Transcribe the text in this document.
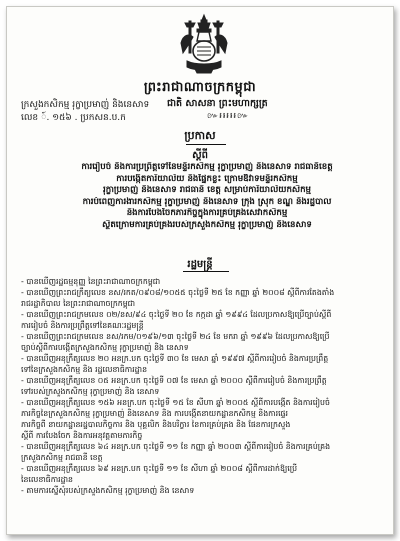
ព្រះរាជាណាចក្រកម្ពុជា
ក្រសួងកសិកម្ម រុក្ខាប្រមាញ់ និងនេសាទ ជាតិ សាសនា ព្រះមហាក្សត្រ
លេខ ៍. ១៥៦ . ប្រកសន.ប.ក	៚៛៛៛៛៛៚
ប្រកាស
ស្តីពី
ការរៀបចំ និងការប្រព្រឹត្តទៅនៃមន្ទីរកសិកម្ម រុក្ខាប្រមាញ់ និងនេសាទ រាជធានីខេត្ត
ការបង្កើតការិយាល័យ និងផ្នែកខ្លះ ក្រោមឱវាទមន្ទីរកសិកម្ម
រុក្ខាប្រមាញ់ និងនេសាទ រាជធានី ខេត្ត សម្រាប់ការិយាល័យកសិកម្ម
ការបំពេញការងារកសិកម្ម រុក្ខាប្រមាញ់ និងនេសាទ ក្រុង ស្រុក ខណ្ឌ និងរដ្ឋបាល
និងការបែងចែកភារកិច្ចក្នុងការគ្រប់គ្រងសេវាកសិកម្ម
ស្ថិតក្រោមការគ្រប់គ្រងរបស់ក្រសួងកសិកម្ម រុក្ខាប្រមាញ់ និងនេសាទ
រដ្ឋមន្ត្រី
- បានឃើញរដ្ឋធម្មនុញ្ញ នៃព្រះរាជាណាចក្រកម្ពុជា
- បានឃើញព្រះរាជក្រឹត្យលេខ នស/រកត/០៩០៨/១០៥៥ ចុះថ្ងៃទី ២៥ ខែ កញ្ញា ឆ្នាំ ២០០៨ ស្តីពីការតែងតាំង
រាជរដ្ឋាភិបាល នៃព្រះរាជាណាចក្រកម្ពុជា
- បានឃើញព្រះរាជក្រមលេខ ០២/នស/៩៤ ចុះថ្ងៃទី ២០ ខែ កក្កដា ឆ្នាំ ១៩៩៤ ដែលប្រកាសឱ្យប្រើច្បាប់ស្តីពី
ការរៀបចំ និងការប្រព្រឹត្តទៅនៃគណៈរដ្ឋមន្ត្រី
- បានឃើញព្រះរាជក្រមលេខ នស/រកម/០១៩៦/១៣ ចុះថ្ងៃទី ២៤ ខែ មករា ឆ្នាំ ១៩៩៦ ដែលប្រកាសឱ្យប្រើ
ច្បាប់ស្តីពីការបង្កើតក្រសួងកសិកម្ម រុក្ខាប្រមាញ់ និង នេសាទ
- បានឃើញអនុក្រឹត្យលេខ ២០ អនក្រ.បក ចុះថ្ងៃទី ៣០ ខែ មេសា ឆ្នាំ ១៩៩៧ ស្តីពីការរៀបចំ និងការប្រព្រឹត្ត
ទៅនៃក្រសួងកសិកម្ម និង រដ្ឋលេខាធិការដ្ឋាន
- បានឃើញអនុក្រឹត្យលេខ ០៥ អនក្រ.បក ចុះថ្ងៃទី ០៧ ខែ មេសា ឆ្នាំ ២០០០ ស្តីពីការរៀបចំ និងការប្រព្រឹត្ត
ទៅរបស់ក្រសួងកសិកម្ម រុក្ខាប្រមាញ់ និង នេសាទ
- បានឃើញអនុក្រឹត្យលេខ ១៥៦ អនក្រ.បក ចុះថ្ងៃទី ១៥ ខែ សីហា ឆ្នាំ ២០០៥ ស្តីពីការបង្កើត និងការរៀបចំ
ភារកិច្ចនៃក្រសួងកសិកម្ម រុក្ខាប្រមាញ់ និងនេសាទ និង ការបង្កើតនាយកដ្ឋានកសិកម្ម និងការផ្ទេរ
ភារកិច្ចពី នាយកដ្ឋានរដ្ឋបាលកិច្ចការ និង បុគ្គលិក និងបរិក្ខារ នៃការគ្រប់គ្រង និង ផែនការក្រសួង
ស្តីពី ការបែងចែក និងការអនុវត្តតាមភារកិច្ច
- បានឃើញអនុក្រឹត្យលេខ ៦៤ អនក្រ.បក ចុះថ្ងៃទី ១១ ខែ កញ្ញា ឆ្នាំ ២០០៣ ស្តីពីការរៀបចំ និងការគ្រប់គ្រង
ក្រសួងកសិកម្ម រាជធានី ខេត្ត
- បានឃើញអនុក្រឹត្យលេខ ៦៩ អនក្រ.បក ចុះថ្ងៃទី ១១ ខែ សីហា ឆ្នាំ ២០០៨ ស្តីពីការដាក់ឱ្យប្រើ
នៃលេខាធិការដ្ឋាន
- តាមការស្នើសុំរបស់ក្រសួងកសិកម្ម រុក្ខាប្រមាញ់ និង នេសាទ
